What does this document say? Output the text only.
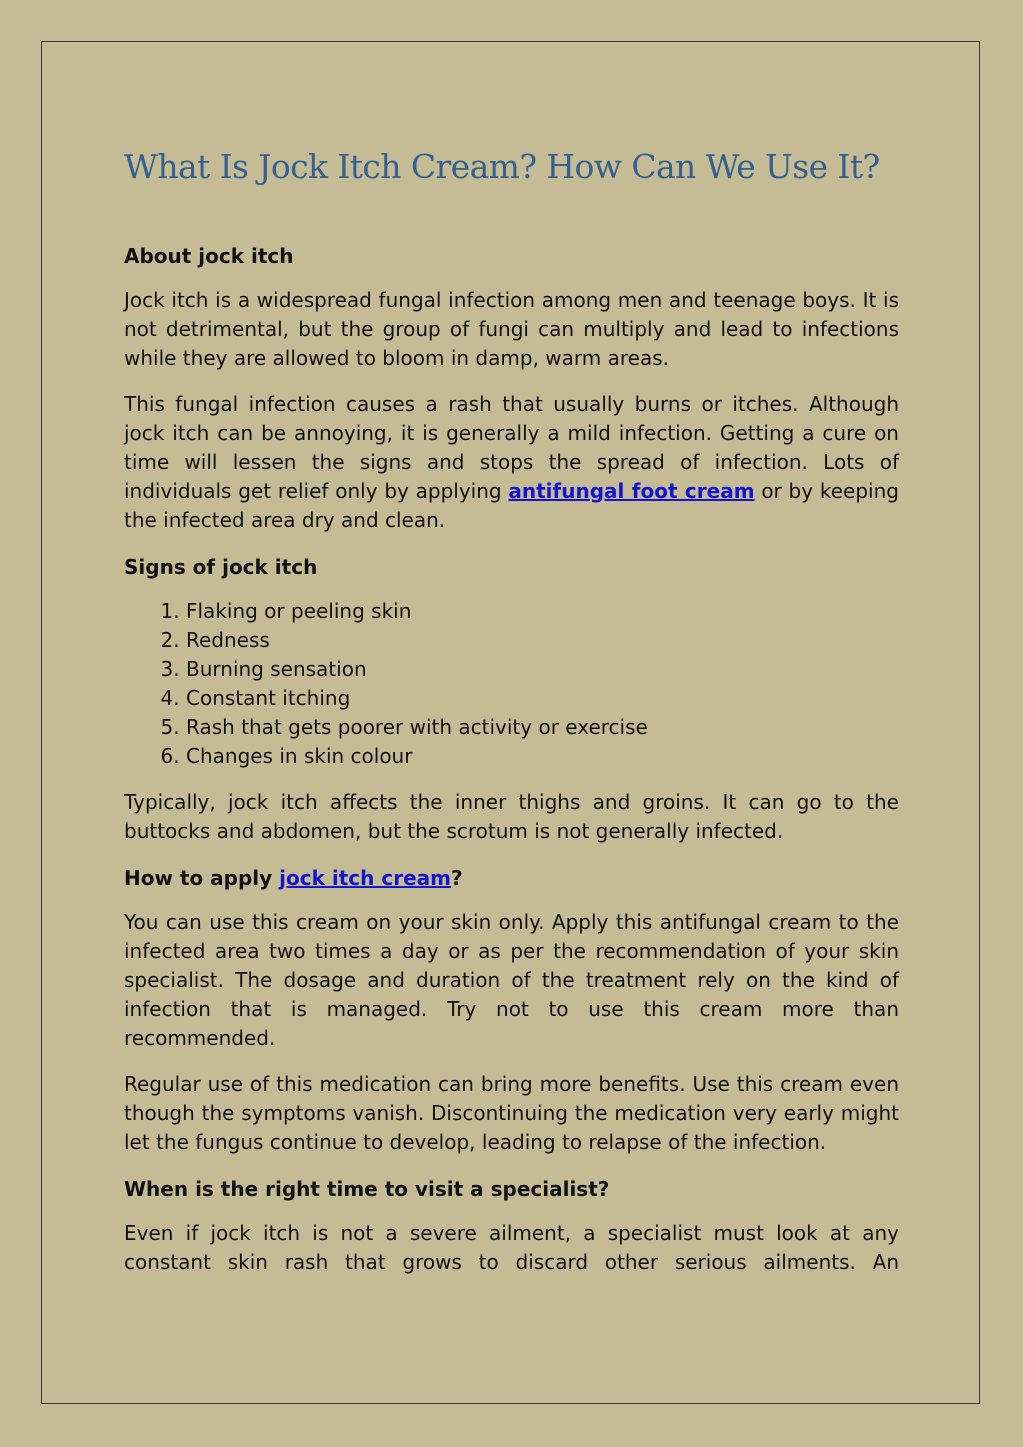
What Is Jock Itch Cream? How Can We Use It?
About jock itch

Jock itch is a widespread fungal infection among men and teenage boys. It is not detrimental, but the group of fungi can multiply and lead to infections while they are allowed to bloom in damp, warm areas.

This fungal infection causes a rash that usually burns or itches. Although jock itch can be annoying, it is generally a mild infection. Getting a cure on time will lessen the signs and stops the spread of infection. Lots of individuals get relief only by applying antifungal foot cream or by keeping the infected area dry and clean.

Signs of jock itch
1. Flaking or peeling skin
2. Redness
3. Burning sensation
4. Constant itching
5. Rash that gets poorer with activity or exercise
6. Changes in skin colour

Typically, jock itch affects the inner thighs and groins. It can go to the buttocks and abdomen, but the scrotum is not generally infected.

How to apply jock itch cream?

You can use this cream on your skin only. Apply this antifungal cream to the infected area two times a day or as per the recommendation of your skin specialist. The dosage and duration of the treatment rely on the kind of infection that is managed. Try not to use this cream more than recommended.

Regular use of this medication can bring more benefits. Use this cream even though the symptoms vanish. Discontinuing the medication very early might let the fungus continue to develop, leading to relapse of the infection.

When is the right time to visit a specialist?

Even if jock itch is not a severe ailment, a specialist must look at any constant skin rash that grows to discard other serious ailments. An
